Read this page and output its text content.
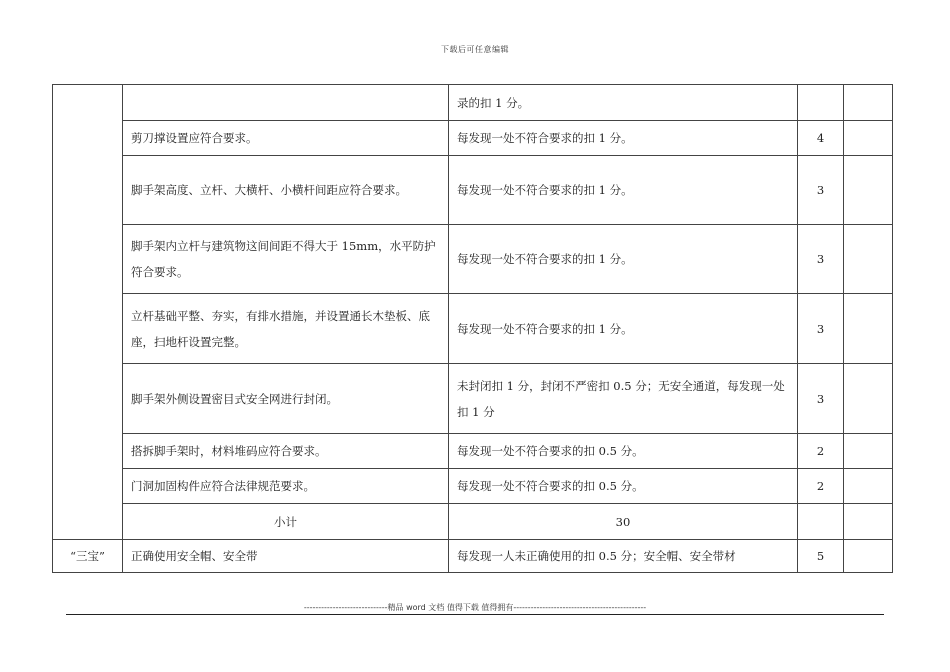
下载后可任意编辑
		录的扣 1 分。		
	剪刀撑设置应符合要求。	每发现一处不符合要求的扣 1 分。	4	
	脚手架高度、立杆、大横杆、小横杆间距应符合要求。	每发现一处不符合要求的扣 1 分。	3	
	脚手架内立杆与建筑物这间间距不得大于 15mm，水平防护符合要求。	每发现一处不符合要求的扣 1 分。	3	
	立杆基础平整、夯实，有排水措施，并设置通长木垫板、底座，扫地杆设置完整。	每发现一处不符合要求的扣 1 分。	3	
	脚手架外侧设置密目式安全网进行封闭。	未封闭扣 1 分，封闭不严密扣 0.5 分；无安全通道，每发现一处扣 1 分	3	
	搭拆脚手架时，材料堆码应符合要求。	每发现一处不符合要求的扣 0.5 分。	2	
	门洞加固构件应符合法律规范要求。	每发现一处不符合要求的扣 0.5 分。	2	
	小计	30		

“三宝”	正确使用安全帽、安全带	每发现一人未正确使用的扣 0.5 分；安全帽、安全带材	5	
-----------------------------精品 word 文档 值得下载 值得拥有----------------------------------------------
